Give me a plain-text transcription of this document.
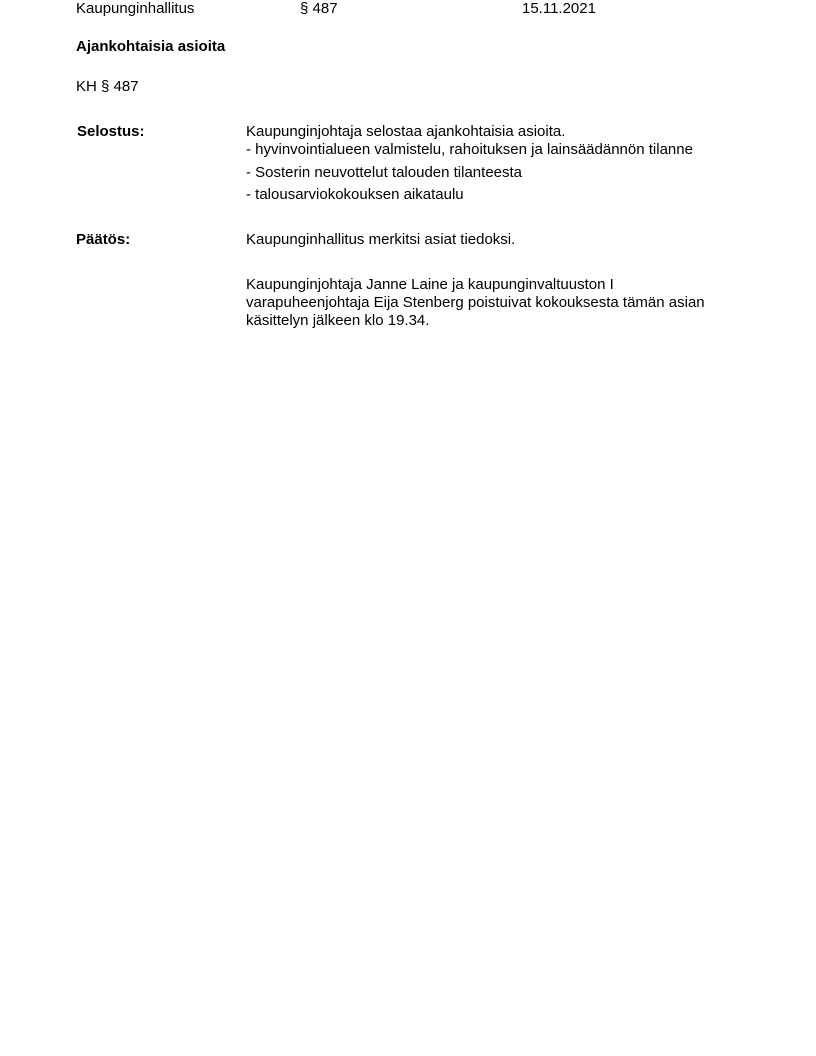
Kaupunginhallitus	§ 487	15.11.2021
Ajankohtaisia asioita
KH § 487
Selostus:	Kaupunginjohtaja selostaa ajankohtaisia asioita.
- hyvinvointialueen valmistelu, rahoituksen ja lainsäädännön tilanne
- Sosterin neuvottelut talouden tilanteesta
- talousarviokokouksen aikataulu
Päätös:	Kaupunginhallitus merkitsi asiat tiedoksi.
Kaupunginjohtaja Janne Laine ja kaupunginvaltuuston I
varapuheenjohtaja Eija Stenberg poistuivat kokouksesta tämän asian
käsittelyn jälkeen klo 19.34.
